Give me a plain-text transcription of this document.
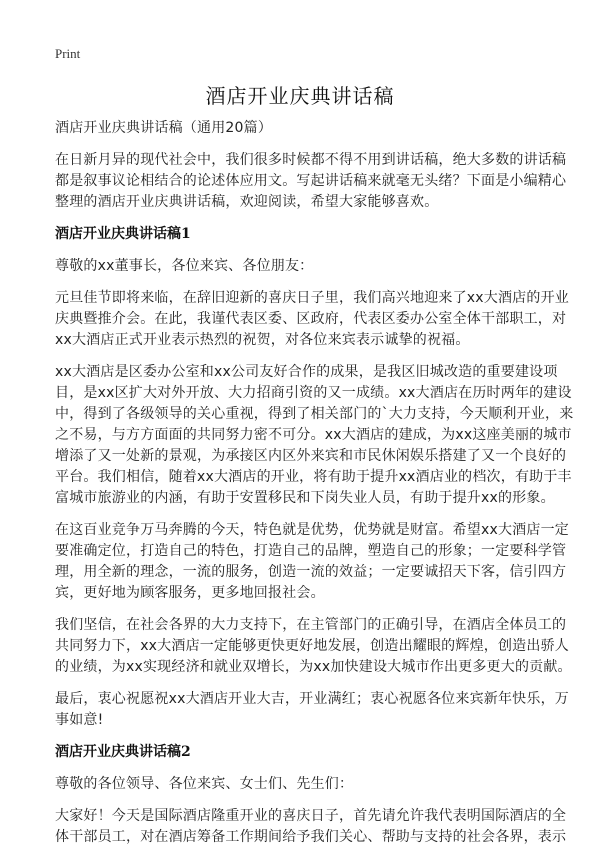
Print
酒店开业庆典讲话稿

酒店开业庆典讲话稿（通用20篇）

在日新月异的现代社会中，我们很多时候都不得不用到讲话稿，绝大多数的讲话稿都是叙事议论相结合的论述体应用文。写起讲话稿来就毫无头绪？下面是小编精心整理的酒店开业庆典讲话稿，欢迎阅读，希望大家能够喜欢。

酒店开业庆典讲话稿1

尊敬的xx董事长，各位来宾、各位朋友：

元旦佳节即将来临，在辞旧迎新的喜庆日子里，我们高兴地迎来了xx大酒店的开业庆典暨推介会。在此，我谨代表区委、区政府，代表区委办公室全体干部职工，对xx大酒店正式开业表示热烈的祝贺，对各位来宾表示诚挚的祝福。

xx大酒店是区委办公室和xx公司友好合作的成果，是我区旧城改造的重要建设项目，是xx区扩大对外开放、大力招商引资的又一成绩。xx大酒店在历时两年的建设中，得到了各级领导的关心重视，得到了相关部门的`大力支持，今天顺利开业，来之不易，与方方面面的共同努力密不可分。xx大酒店的建成，为xx这座美丽的城市增添了又一处新的景观，为承接区内区外来宾和市民休闲娱乐搭建了又一个良好的平台。我们相信，随着xx大酒店的开业，将有助于提升xx酒店业的档次，有助于丰富城市旅游业的内涵，有助于安置移民和下岗失业人员，有助于提升xx的形象。

在这百业竞争万马奔腾的今天，特色就是优势，优势就是财富。希望xx大酒店一定要准确定位，打造自己的特色，打造自己的品牌，塑造自己的形象；一定要科学管理，用全新的理念，一流的服务，创造一流的效益；一定要诚招天下客，信引四方宾，更好地为顾客服务，更多地回报社会。

我们坚信，在社会各界的大力支持下，在主管部门的正确引导，在酒店全体员工的共同努力下，xx大酒店一定能够更快更好地发展，创造出耀眼的辉煌，创造出骄人的业绩，为xx实现经济和就业双增长，为xx加快建设大城市作出更多更大的贡献。

最后，衷心祝愿祝xx大酒店开业大吉，开业满红；衷心祝愿各位来宾新年快乐，万事如意!

酒店开业庆典讲话稿2

尊敬的各位领导、各位来宾、女士们、先生们：

大家好！今天是国际酒店隆重开业的喜庆日子，首先请允许我代表明国际酒店的全体干部员工，对在酒店筹备工作期间给予我们关心、帮助与支持的社会各界，表示
